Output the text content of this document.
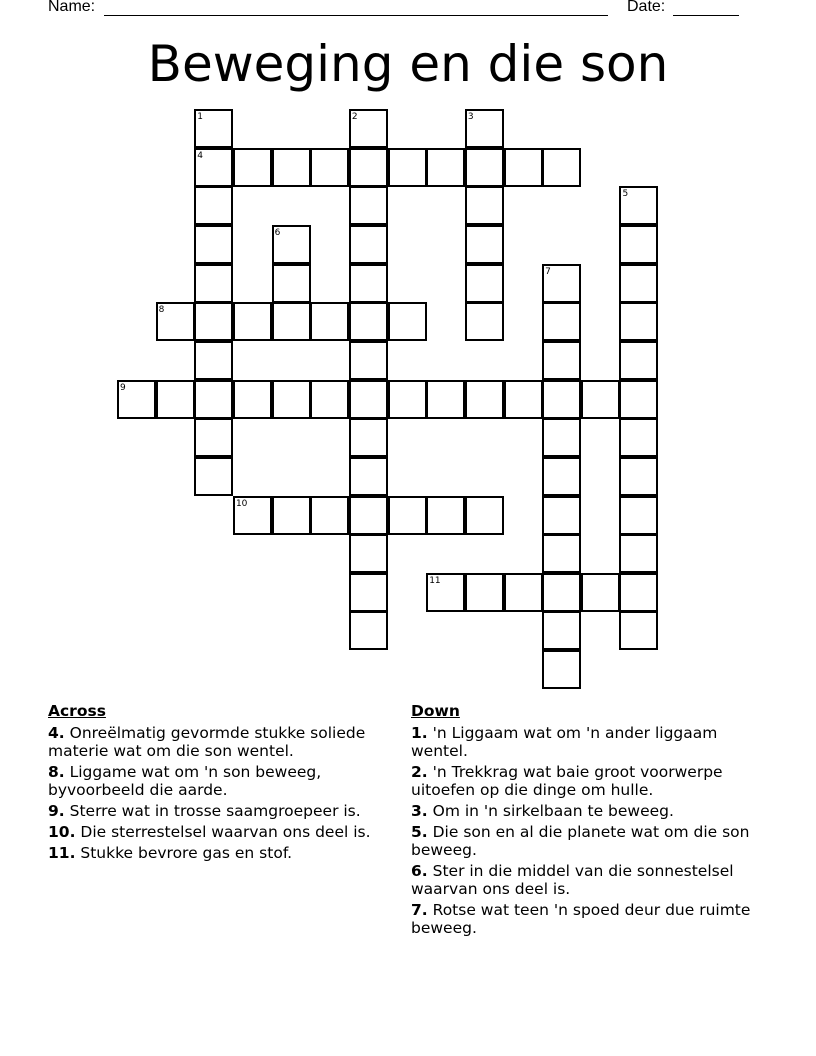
Name:	Date:
Beweging en die son
1	2	3
4
5
6
7
8
9
10
11
Across
4. Onreëlmatig gevormde stukke soliede materie wat om die son wentel.
8. Liggame wat om 'n son beweeg, byvoorbeeld die aarde.
9. Sterre wat in trosse saamgroepeer is.
10. Die sterrestelsel waarvan ons deel is.
11. Stukke bevrore gas en stof.
Down
1. 'n Liggaam wat om 'n ander liggaam wentel.
2. 'n Trekkrag wat baie groot voorwerpe uitoefen op die dinge om hulle.
3. Om in 'n sirkelbaan te beweeg.
5. Die son en al die planete wat om die son beweeg.
6. Ster in die middel van die sonnestelsel waarvan ons deel is.
7. Rotse wat teen 'n spoed deur due ruimte beweeg.
